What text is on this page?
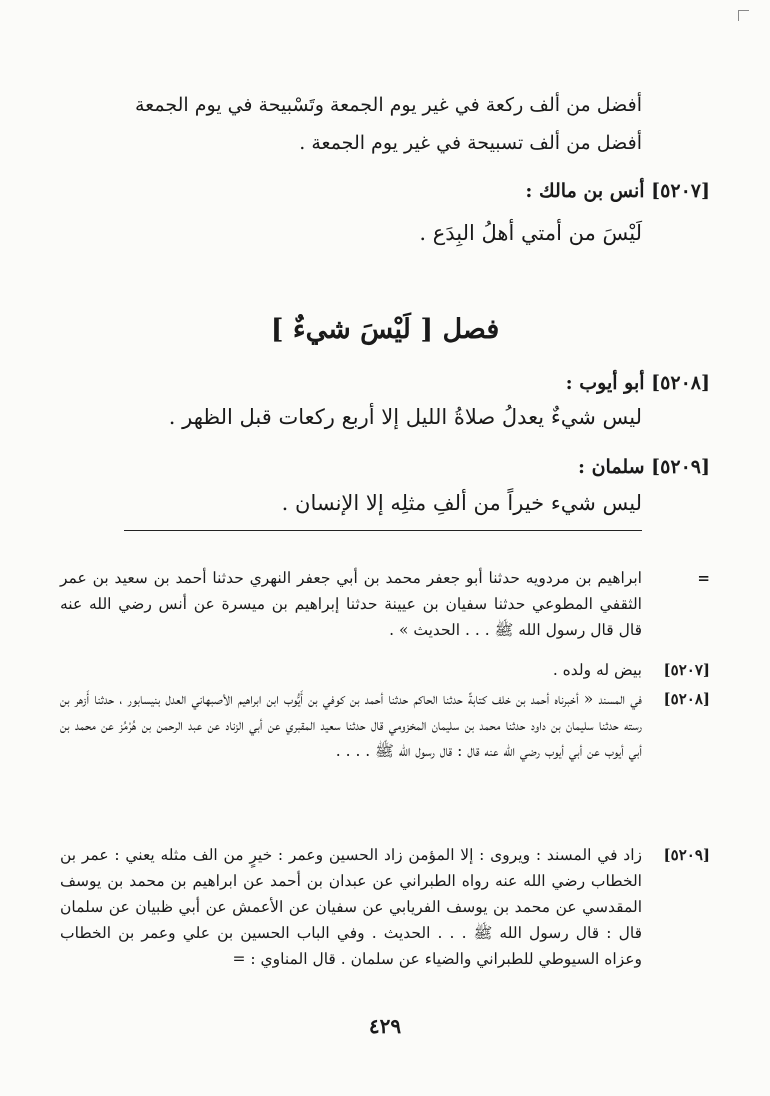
أفضل من ألف ركعة في غير يوم الجمعة وتَسْبيحة في يوم الجمعة أفضل من ألف تسبيحة في غير يوم الجمعة .
[٥٢٠٧] أنس بن مالك :
لَيْسَ من أمتي أهلُ البِدَع .
فصل [ لَيْسَ شيءٌ ]
[٥٢٠٨] أبو أيوب :
ليس شيءٌ يعدلُ صلاةُ الليل إلا أربع ركعات قبل الظهر .
[٥٢٠٩] سلمان :
ليس شيء خيراً من ألفِ مثلِه إلا الإنسان .
=
ابراهيم بن مردويه حدثنا أبو جعفر محمد بن أبي جعفر النهري حدثنا أحمد بن سعيد بن عمر الثقفي المطوعي حدثنا سفيان بن عيينة حدثنا إبراهيم بن ميسرة عن أنس رضي الله عنه قال قال رسول الله ﷺ . . . الحديث » .
[٥٢٠٧]
بيض له ولده .
[٥٢٠٨]
في المسند « أخبرناه أحمد بن خلف كتابةً حدثنا الحاكم حدثنا أحمد بن كوفي بن أَيُّوب ابن ابراهيم الأصبهاني العدل بنيسابور ، حدثنا أَزهر بن رسته حدثنا سليمان بن داود حدثنا محمد بن سليمان المخزومي قال حدثنا سعيد المقبري عن أبي الزناد عن عبد الرحمن بن هُرْمُز عن محمد بن أبي أيوب عن أبي أيوب رضي الله عنه قال : قال رسول الله ﷺ . . . .
[٥٢٠٩]
زاد في المسند : ويروى : إلا المؤمن زاد الحسين وعمر : خيرٍ من الف مثله يعني : عمر بن الخطاب رضي الله عنه رواه الطبراني عن عبدان بن أحمد عن ابراهيم بن محمد بن يوسف المقدسي عن محمد بن يوسف الفريابي عن سفيان عن الأعمش عن أبي ظبيان عن سلمان قال : قال رسول الله ﷺ . . . الحديث . وفي الباب الحسين بن علي وعمر بن الخطاب وعزاه السيوطي للطبراني والضياء عن سلمان . قال المناوي : =
٤٢٩
